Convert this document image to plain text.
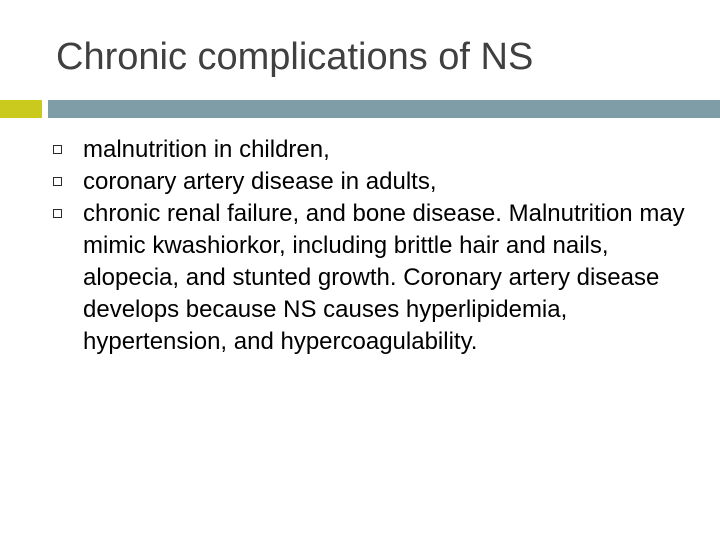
Chronic complications of NS
malnutrition in children,
coronary artery disease in adults,
chronic renal failure, and bone disease. Malnutrition may mimic kwashiorkor, including brittle hair and nails, alopecia, and stunted growth. Coronary artery disease develops because NS causes hyperlipidemia, hypertension, and hypercoagulability.
